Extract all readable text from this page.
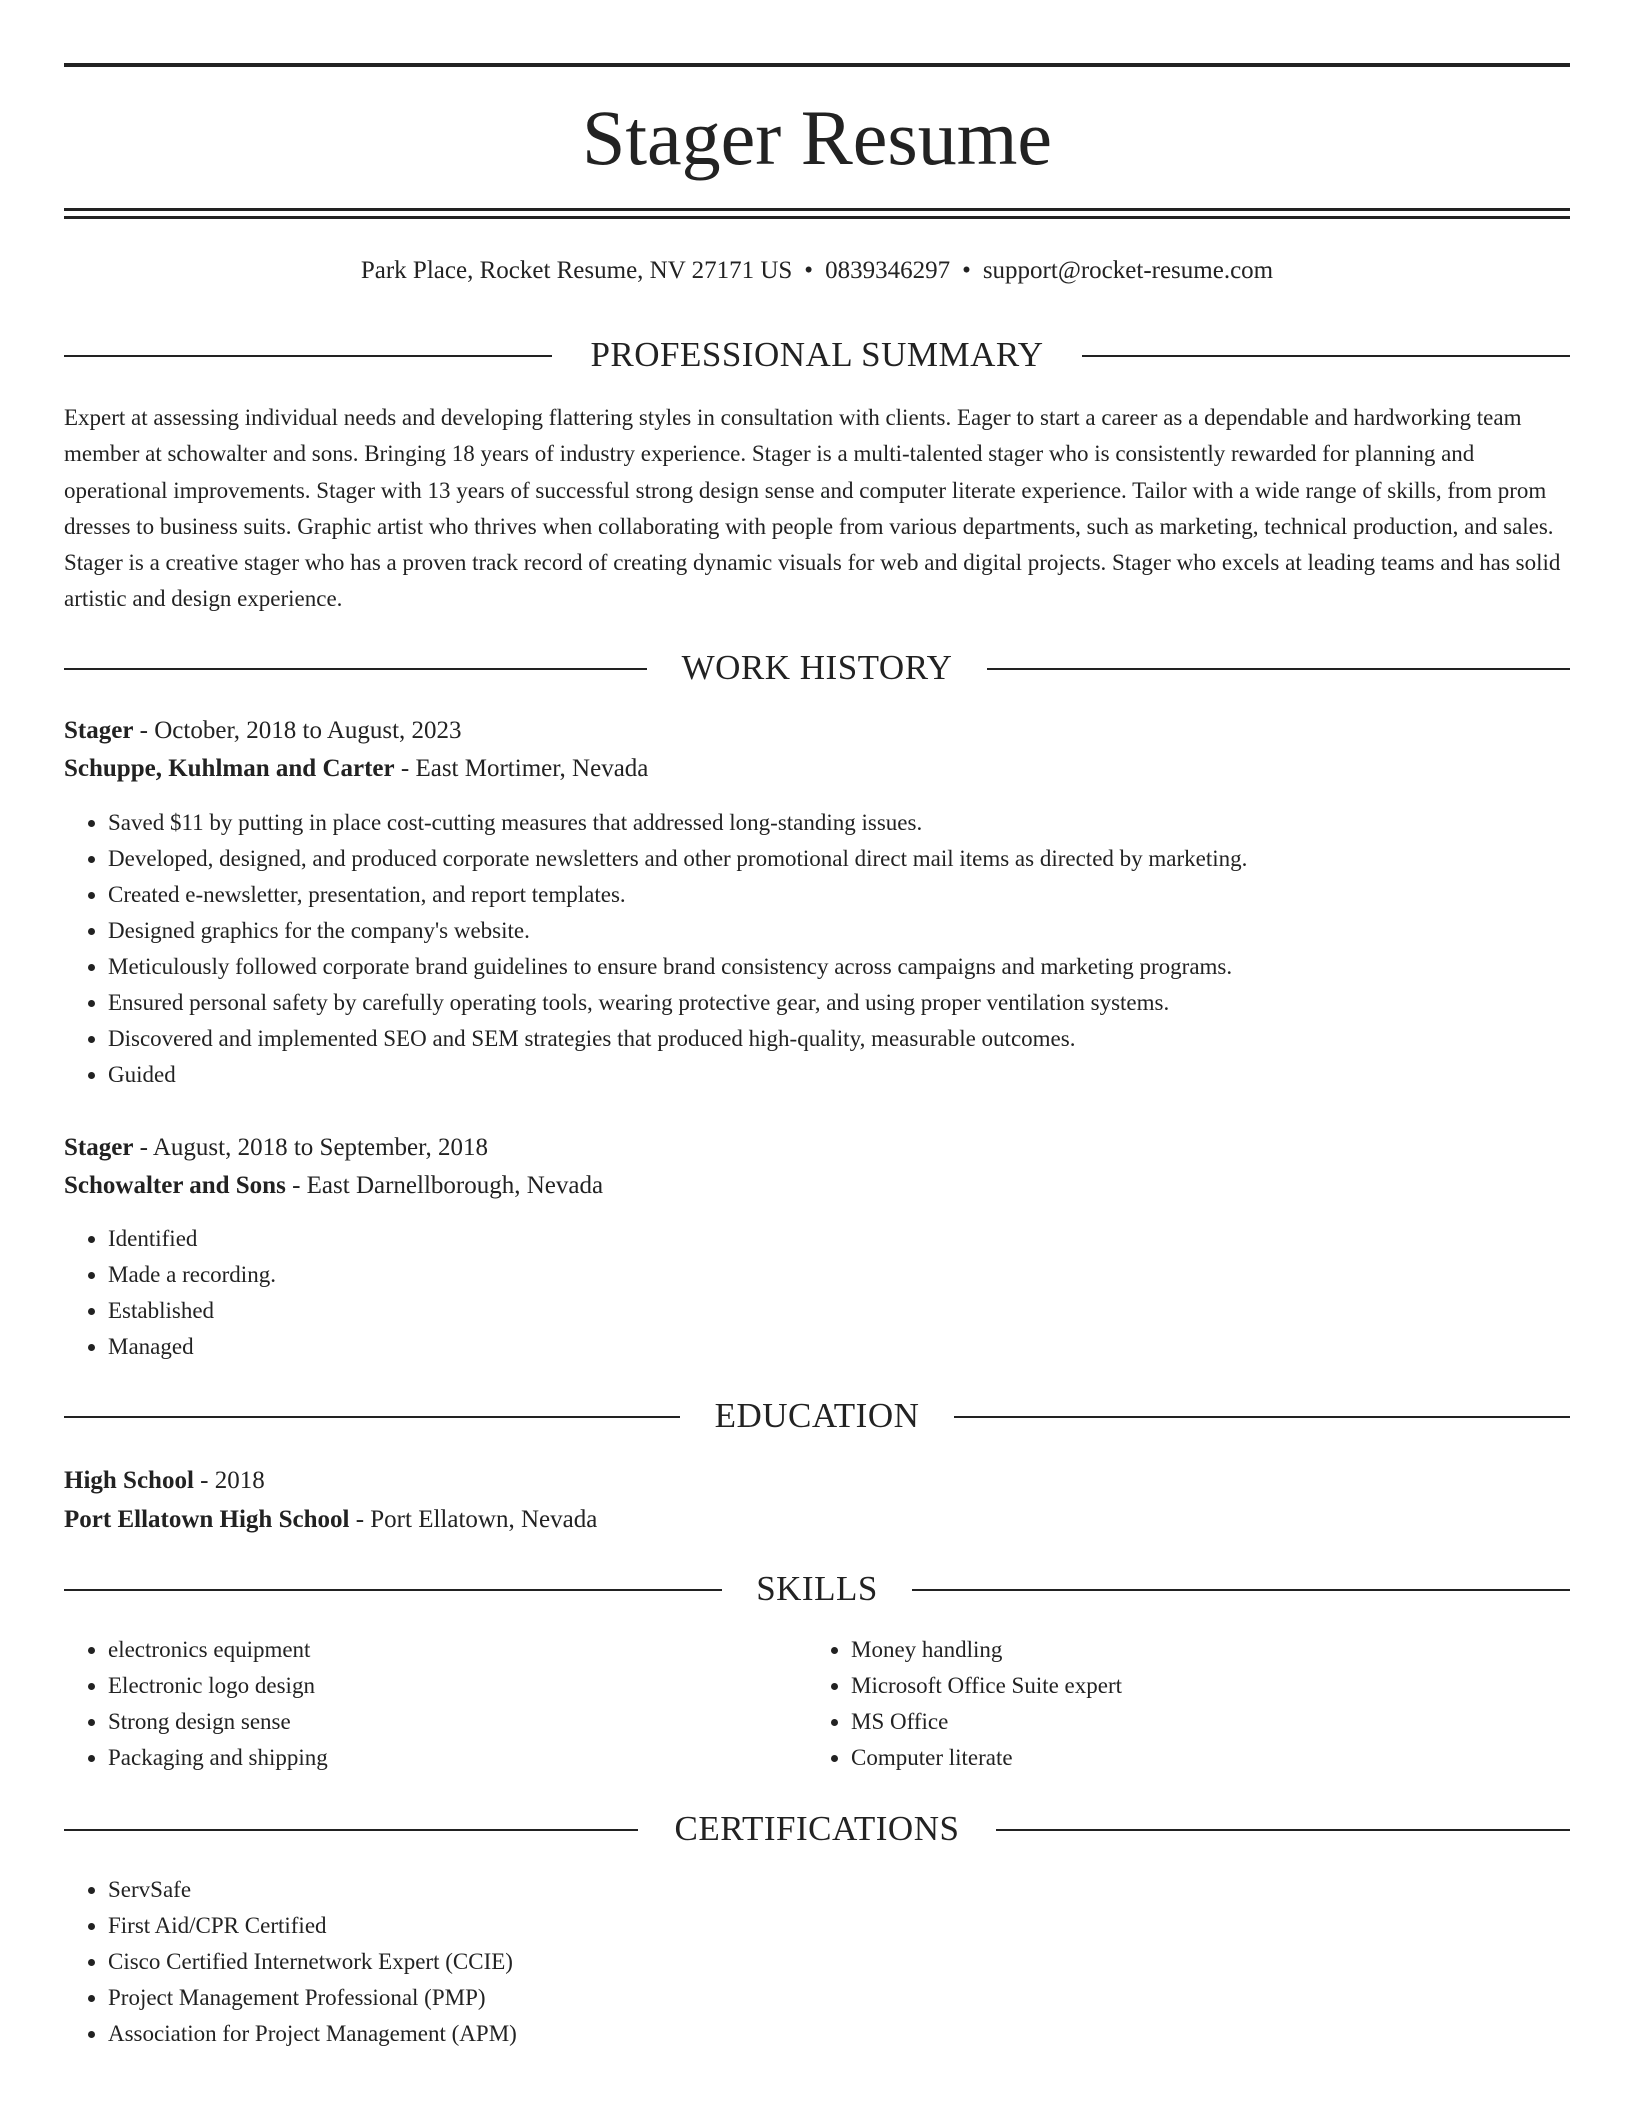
Stager Resume
Park Place, Rocket Resume, NV 27171 US • 0839346297 • support@rocket-resume.com
PROFESSIONAL SUMMARY

Expert at assessing individual needs and developing flattering styles in consultation with clients. Eager to start a career as a dependable and hardworking team member at schowalter and sons. Bringing 18 years of industry experience. Stager is a multi-talented stager who is consistently rewarded for planning and operational improvements. Stager with 13 years of successful strong design sense and computer literate experience. Tailor with a wide range of skills, from prom dresses to business suits. Graphic artist who thrives when collaborating with people from various departments, such as marketing, technical production, and sales. Stager is a creative stager who has a proven track record of creating dynamic visuals for web and digital projects. Stager who excels at leading teams and has solid artistic and design experience.

WORK HISTORY
Stager - October, 2018 to August, 2023
Schuppe, Kuhlman and Carter - East Mortimer, Nevada
• Saved $11 by putting in place cost-cutting measures that addressed long-standing issues.
• Developed, designed, and produced corporate newsletters and other promotional direct mail items as directed by marketing.
• Created e-newsletter, presentation, and report templates.
• Designed graphics for the company's website.
• Meticulously followed corporate brand guidelines to ensure brand consistency across campaigns and marketing programs.
• Ensured personal safety by carefully operating tools, wearing protective gear, and using proper ventilation systems.
• Discovered and implemented SEO and SEM strategies that produced high-quality, measurable outcomes.
• Guided
Stager - August, 2018 to September, 2018
Schowalter and Sons - East Darnellborough, Nevada
• Identified
• Made a recording.
• Established
• Managed
EDUCATION
High School - 2018
Port Ellatown High School - Port Ellatown, Nevada
SKILLS
• electronics equipment
• Electronic logo design
• Strong design sense
• Packaging and shipping
• Money handling
• Microsoft Office Suite expert
• MS Office
• Computer literate
CERTIFICATIONS
• ServSafe
• First Aid/CPR Certified
• Cisco Certified Internetwork Expert (CCIE)
• Project Management Professional (PMP)
• Association for Project Management (APM)
